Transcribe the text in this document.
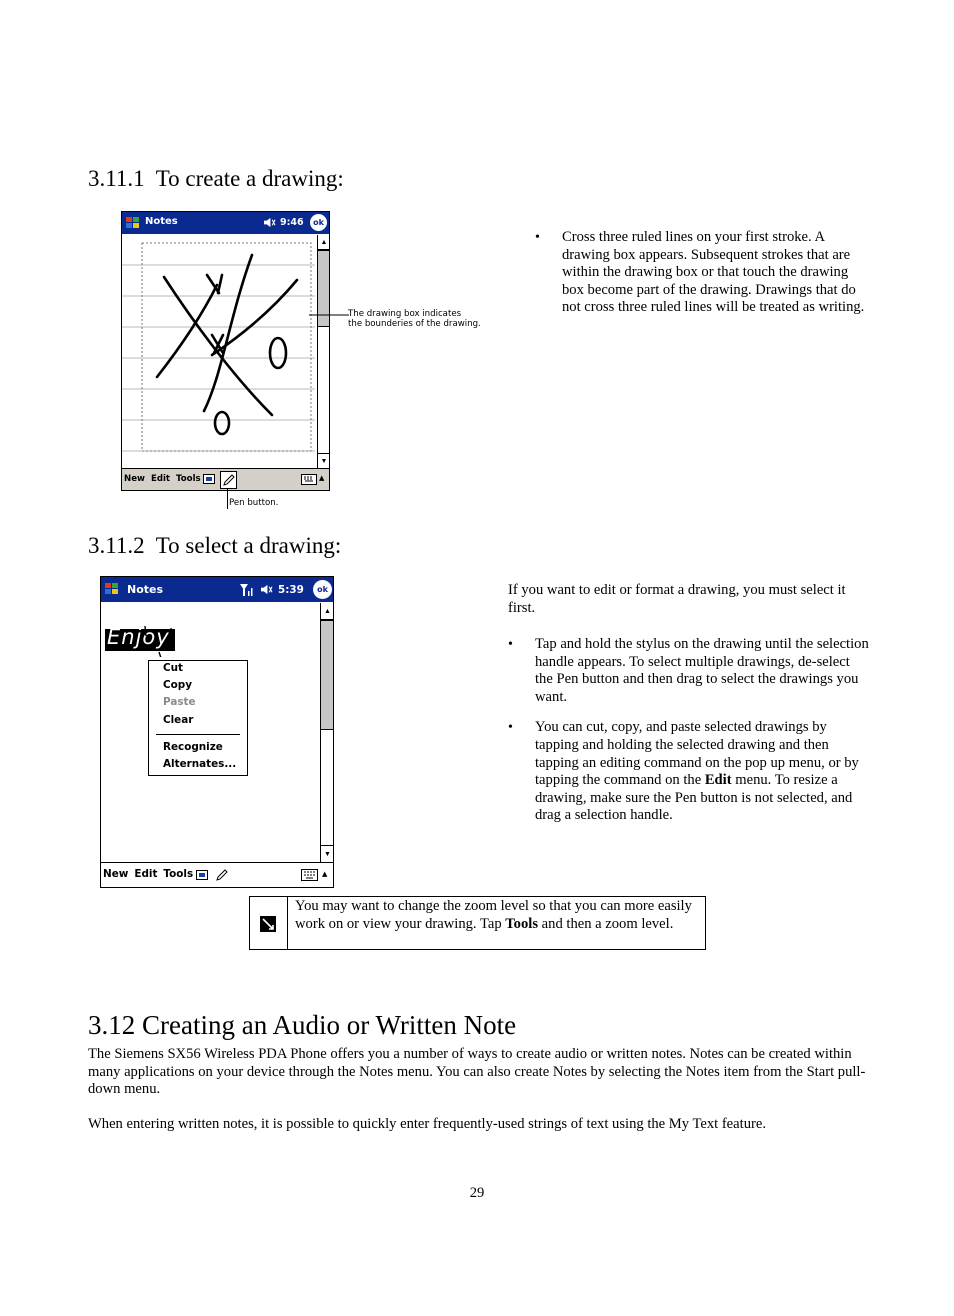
3.11.1  To create a drawing:
Notes	9:46	ok
▲
▼
New Edit Tools	▲
The drawing box indicates
the bounderies of the drawing.
Pen button.
• Cross three ruled lines on your first stroke. A drawing box appears. Subsequent strokes that are within the drawing box or that touch the drawing box become part of the drawing. Drawings that do not cross three ruled lines will be treated as writing.
3.11.2  To select a drawing:
Notes	5:39	ok
Enjoy
Cut
Copy
Paste
Clear
Recognize
Alternates...
▲
▼
New Edit Tools	▲
If you want to edit or format a drawing, you must select it first.
• Tap and hold the stylus on the drawing until the selection handle appears. To select multiple drawings, de-select the Pen button and then drag to select the drawings you want.
• You can cut, copy, and paste selected drawings by tapping and holding the selected drawing and then tapping an editing command on the pop up menu, or by tapping the command on the Edit menu. To resize a drawing, make sure the Pen button is not selected, and drag a selection handle.
You may want to change the zoom level so that you can more easily work on or view your drawing. Tap Tools and then a zoom level.
3.12 Creating an Audio or Written Note
The Siemens SX56 Wireless PDA Phone offers you a number of ways to create audio or written notes. Notes can be created within many applications on your device through the Notes menu. You can also create Notes by selecting the Notes item from the Start pull-down menu.
When entering written notes, it is possible to quickly enter frequently-used strings of text using the My Text feature.
29
